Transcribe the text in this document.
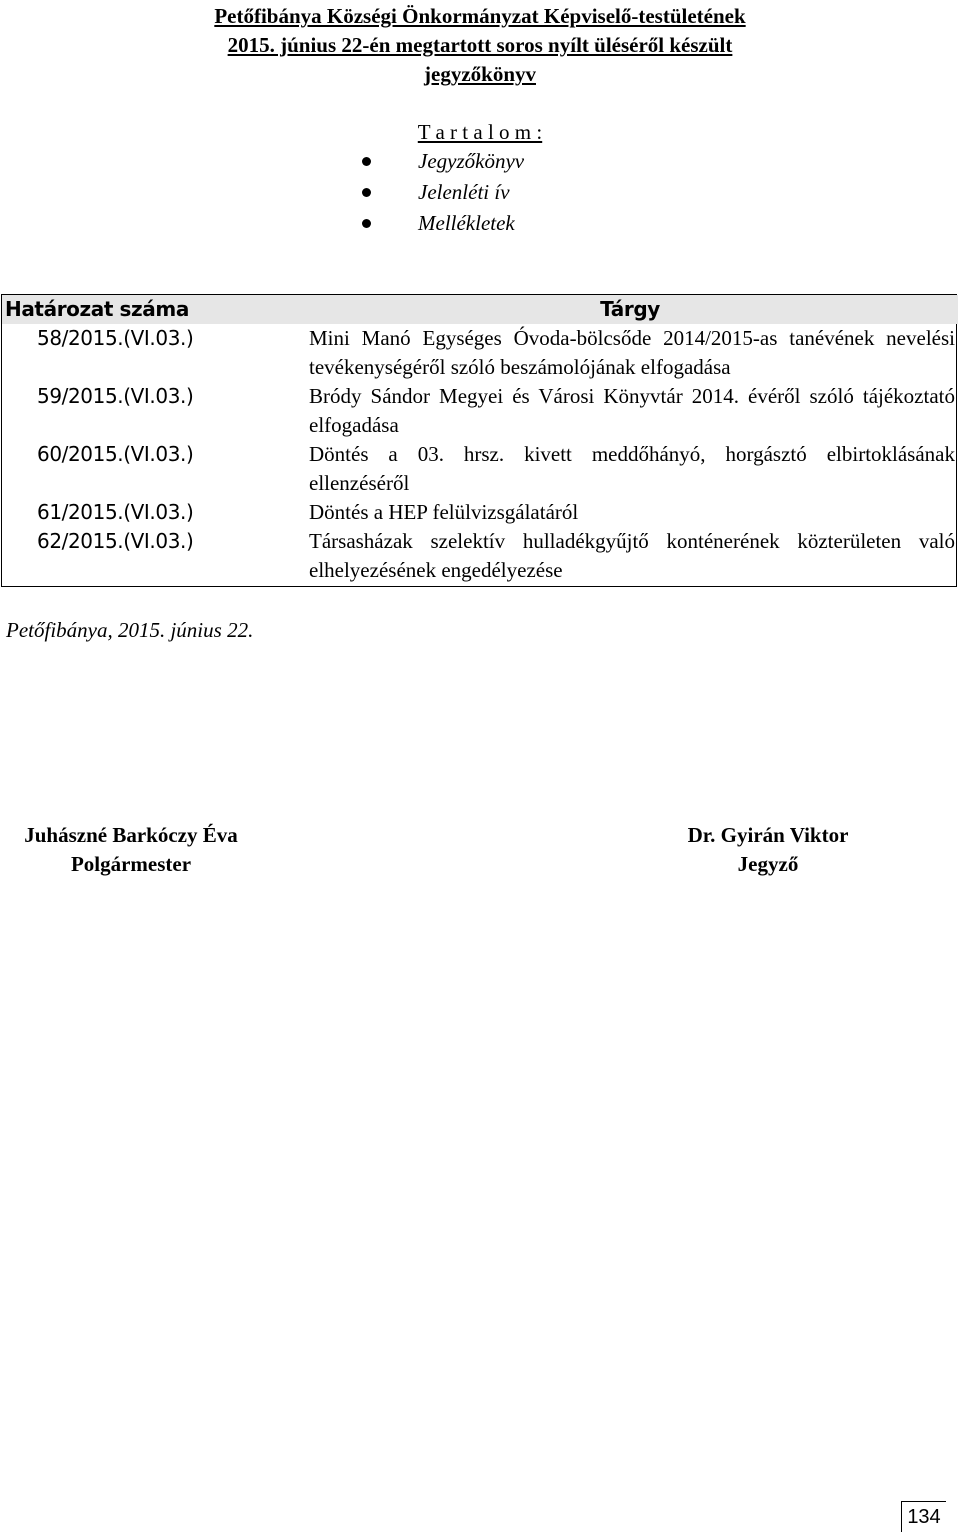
Petőfibánya Községi Önkormányzat Képviselő-testületének
2015. június 22-én megtartott soros nyílt üléséről készült
jegyzőkönyv
T a r t a l o m :
Jegyzőkönyv
Jelenléti ív
Mellékletek
Határozat száma	Tárgy
58/2015.(VI.03.)	Mini Manó Egységes Óvoda-bölcsőde 2014/2015-as tanévének nevelési tevékenységéről szóló beszámolójának elfogadása
59/2015.(VI.03.)	Bródy Sándor Megyei és Városi Könyvtár 2014. évéről szóló tájékoztató elfogadása
60/2015.(VI.03.)	Döntés a 03. hrsz. kivett meddőhányó, horgásztó elbirtoklásának ellenzéséről
61/2015.(VI.03.)	Döntés a HEP felülvizsgálatáról
62/2015.(VI.03.)	Társasházak szelektív hulladékgyűjtő konténerének közterületen való elhelyezésének engedélyezése
Petőfibánya, 2015. június 22.
Juhászné Barkóczy Éva
Polgármester
Dr. Gyirán Viktor
Jegyző
134
